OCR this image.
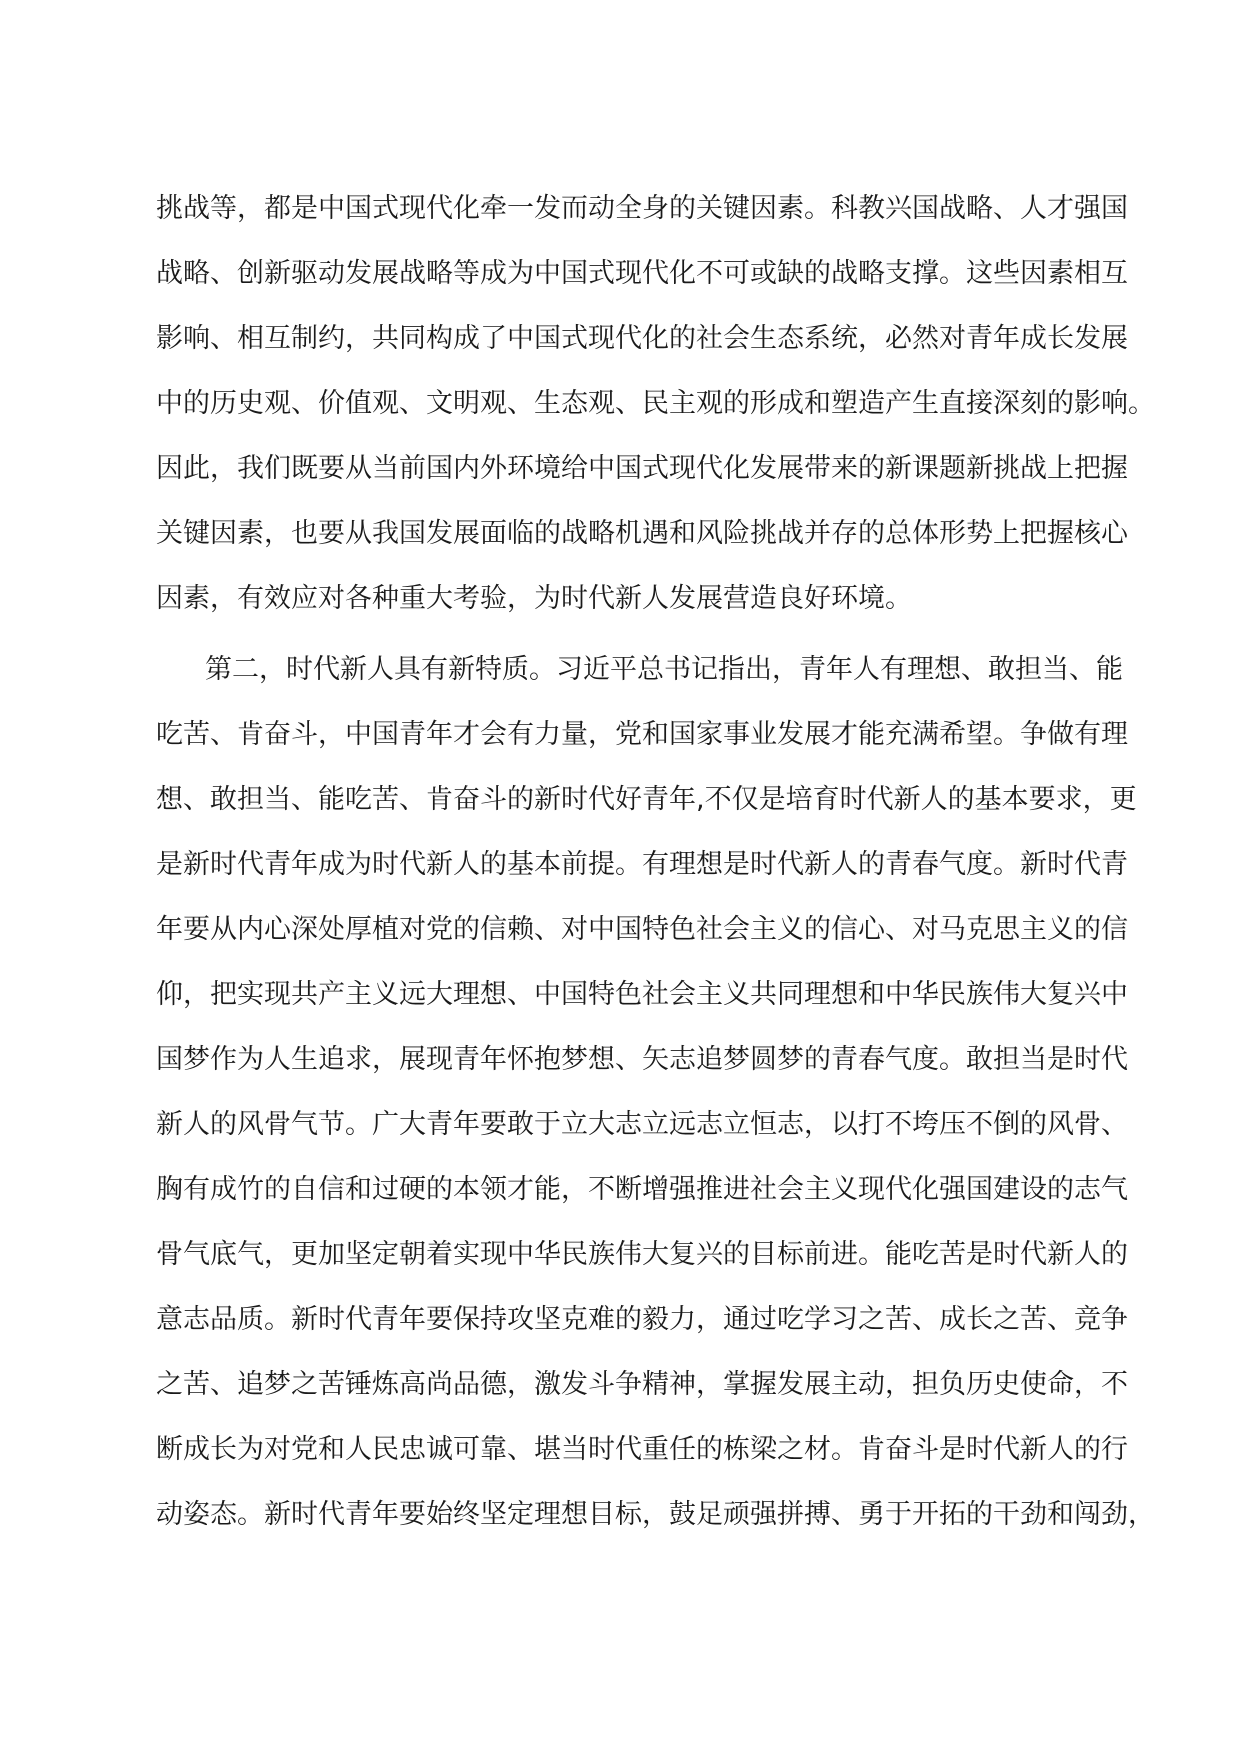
挑战等，都是中国式现代化牵一发而动全身的关键因素。科教兴国战略、人才强国
战略、创新驱动发展战略等成为中国式现代化不可或缺的战略支撑。这些因素相互
影响、相互制约，共同构成了中国式现代化的社会生态系统，必然对青年成长发展
中的历史观、价值观、文明观、生态观、民主观的形成和塑造产生直接深刻的影响。
因此，我们既要从当前国内外环境给中国式现代化发展带来的新课题新挑战上把握
关键因素，也要从我国发展面临的战略机遇和风险挑战并存的总体形势上把握核心
因素，有效应对各种重大考验，为时代新人发展营造良好环境。
第二，时代新人具有新特质。习近平总书记指出，青年人有理想、敢担当、能
吃苦、肯奋斗，中国青年才会有力量，党和国家事业发展才能充满希望。争做有理
想、敢担当、能吃苦、肯奋斗的新时代好青年,不仅是培育时代新人的基本要求，更
是新时代青年成为时代新人的基本前提。有理想是时代新人的青春气度。新时代青
年要从内心深处厚植对党的信赖、对中国特色社会主义的信心、对马克思主义的信
仰，把实现共产主义远大理想、中国特色社会主义共同理想和中华民族伟大复兴中
国梦作为人生追求，展现青年怀抱梦想、矢志追梦圆梦的青春气度。敢担当是时代
新人的风骨气节。广大青年要敢于立大志立远志立恒志，以打不垮压不倒的风骨、
胸有成竹的自信和过硬的本领才能，不断增强推进社会主义现代化强国建设的志气
骨气底气，更加坚定朝着实现中华民族伟大复兴的目标前进。能吃苦是时代新人的
意志品质。新时代青年要保持攻坚克难的毅力，通过吃学习之苦、成长之苦、竞争
之苦、追梦之苦锤炼高尚品德，激发斗争精神，掌握发展主动，担负历史使命，不
断成长为对党和人民忠诚可靠、堪当时代重任的栋梁之材。肯奋斗是时代新人的行
动姿态。新时代青年要始终坚定理想目标，鼓足顽强拼搏、勇于开拓的干劲和闯劲，
